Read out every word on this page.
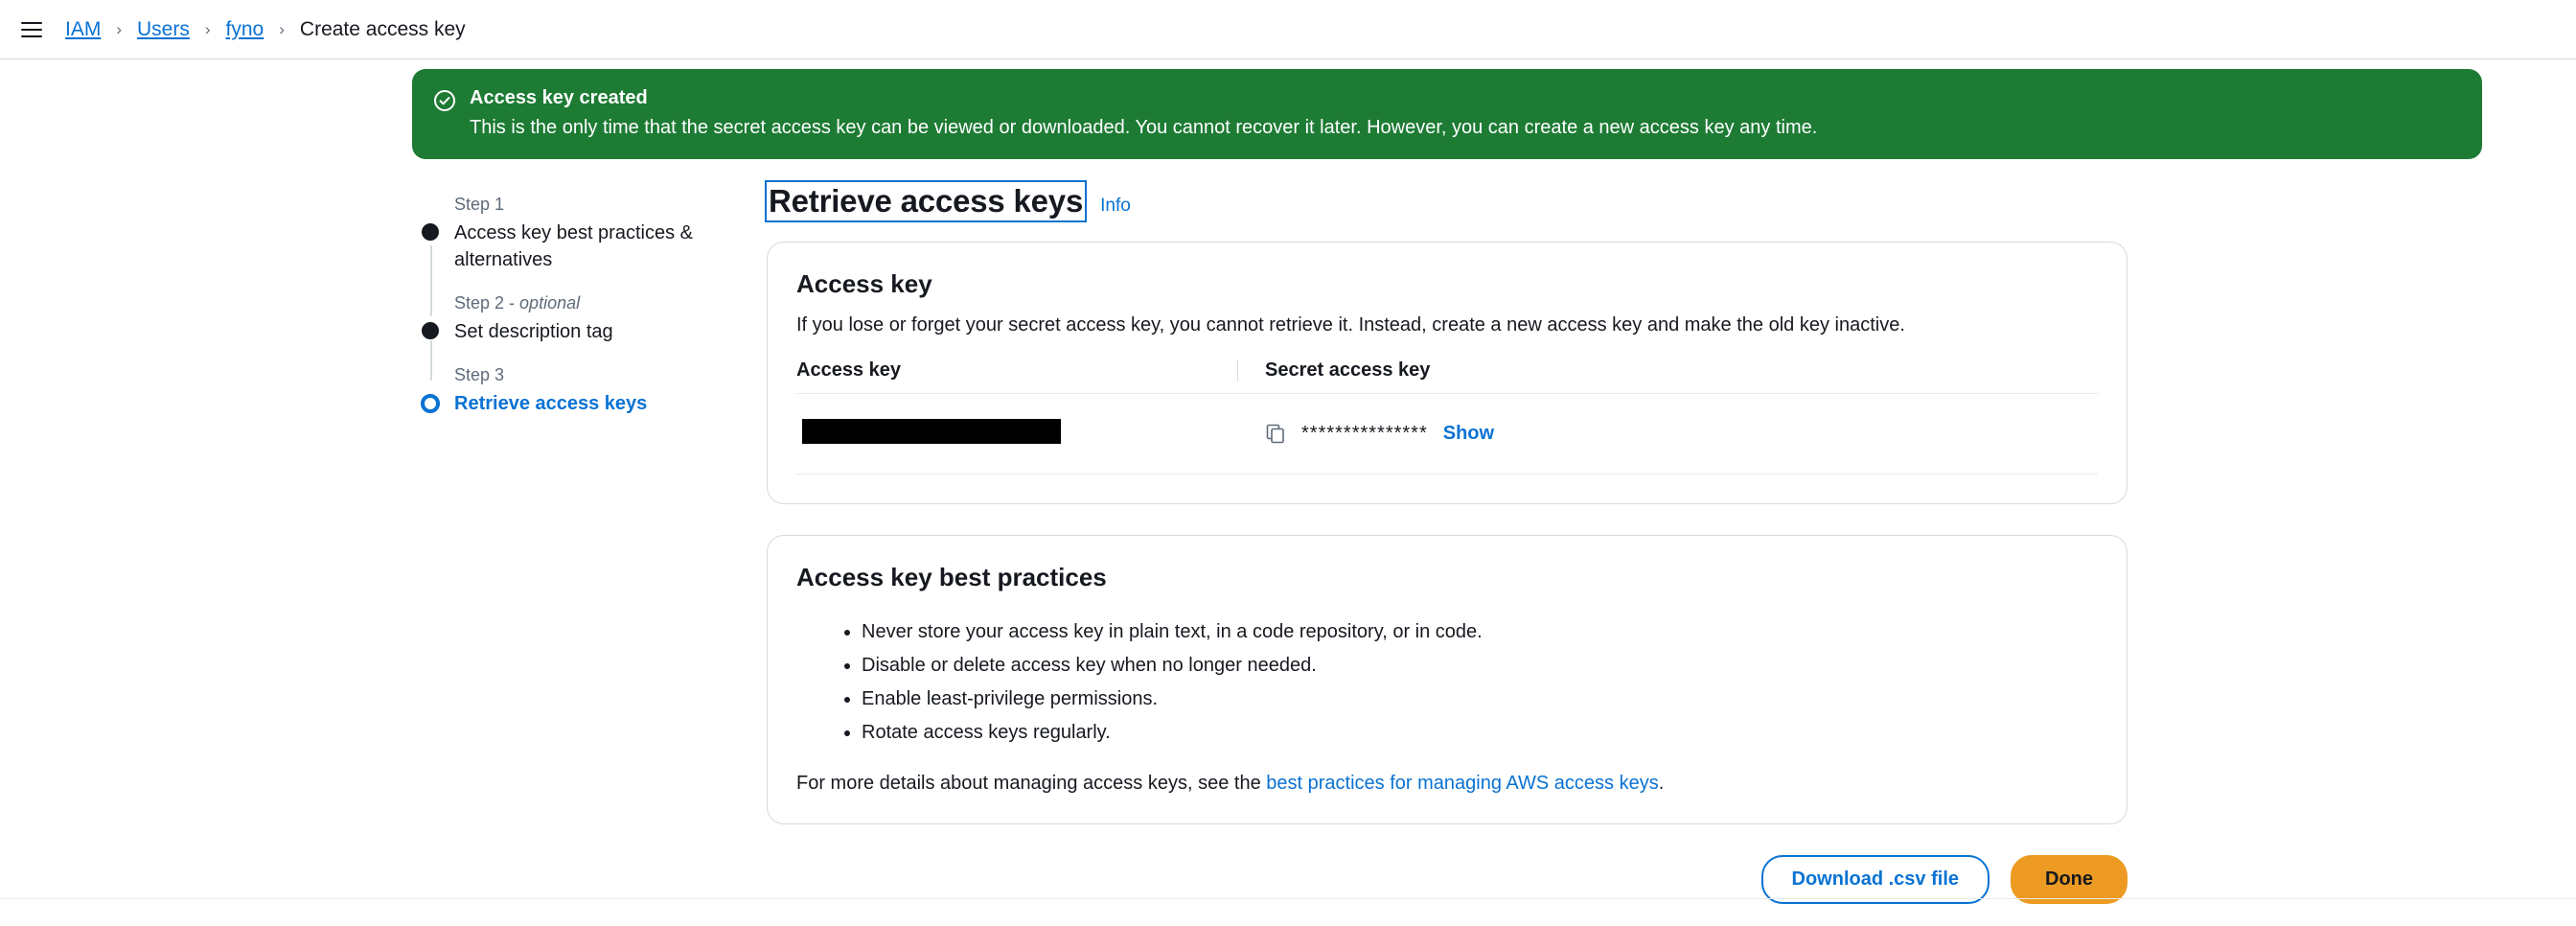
IAM › Users › fyno › Create access key
Access key created
This is the only time that the secret access key can be viewed or downloaded. You cannot recover it later. However, you can create a new access key any time.
Step 1
Access key best practices & alternatives
Step 2 - optional
Set description tag
Step 3
Retrieve access keys
Retrieve access keys Info
Access key
If you lose or forget your secret access key, you cannot retrieve it. Instead, create a new access key and make the old key inactive.
Access key	Secret access key
*************** Show
Access key best practices
• Never store your access key in plain text, in a code repository, or in code.
• Disable or delete access key when no longer needed.
• Enable least-privilege permissions.
• Rotate access keys regularly.
For more details about managing access keys, see the best practices for managing AWS access keys.
Download .csv file	Done
